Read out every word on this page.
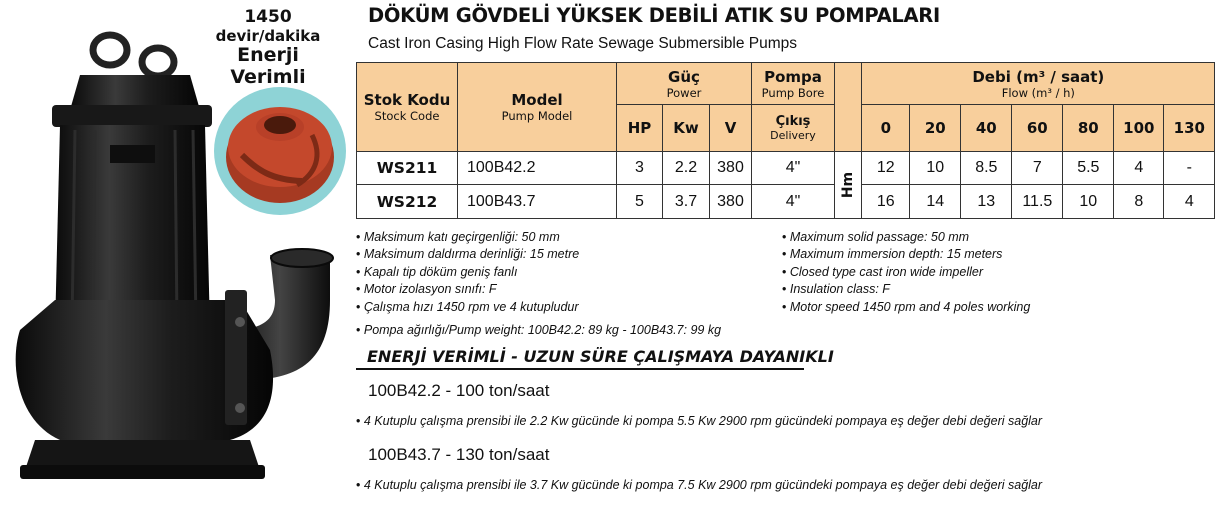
1450
devir/dakika
Enerji Verimli
DÖKÜM GÖVDELİ YÜKSEK DEBİLİ ATIK SU POMPALARI
Cast Iron Casing High Flow Rate Sewage Submersible Pumps
Stok Kodu
Stock Code	Model
Pump Model	Güç
Power			Pompa
Pump Bore		Debi (m³ / saat)
Flow (m³ / h)						

		HP	Kw	V	Çıkış
Delivery		0	20	40	60	80	100	130
WS211	100B42.2	3	2.2	380	4"	Hm	12	10	8.5	7	5.5	4	-
WS212	100B43.7	5	3.7	380	4"		16	14	13	11.5	10	8	4
• Maksimum katı geçirgenliği: 50 mm
• Maksimum daldırma derinliği: 15 metre
• Kapalı tip döküm geniş fanlı
• Motor izolasyon sınıfı: F
• Çalışma hızı 1450 rpm ve 4 kutupludur
• Maximum solid passage: 50 mm
• Maximum immersion depth: 15 meters
• Closed type cast iron wide impeller
• Insulation class: F
• Motor speed 1450 rpm and 4 poles working
• Pompa ağırlığı/Pump weight: 100B42.2: 89 kg - 100B43.7: 99 kg
ENERJİ VERİMLİ - UZUN SÜRE ÇALIŞMAYA DAYANIKLI
100B42.2 - 100 ton/saat
• 4 Kutuplu çalışma prensibi ile 2.2 Kw gücünde ki pompa 5.5 Kw 2900 rpm gücündeki pompaya eş değer debi değeri sağlar
100B43.7 - 130 ton/saat
• 4 Kutuplu çalışma prensibi ile 3.7 Kw gücünde ki pompa 7.5 Kw 2900 rpm gücündeki pompaya eş değer debi değeri sağlar
